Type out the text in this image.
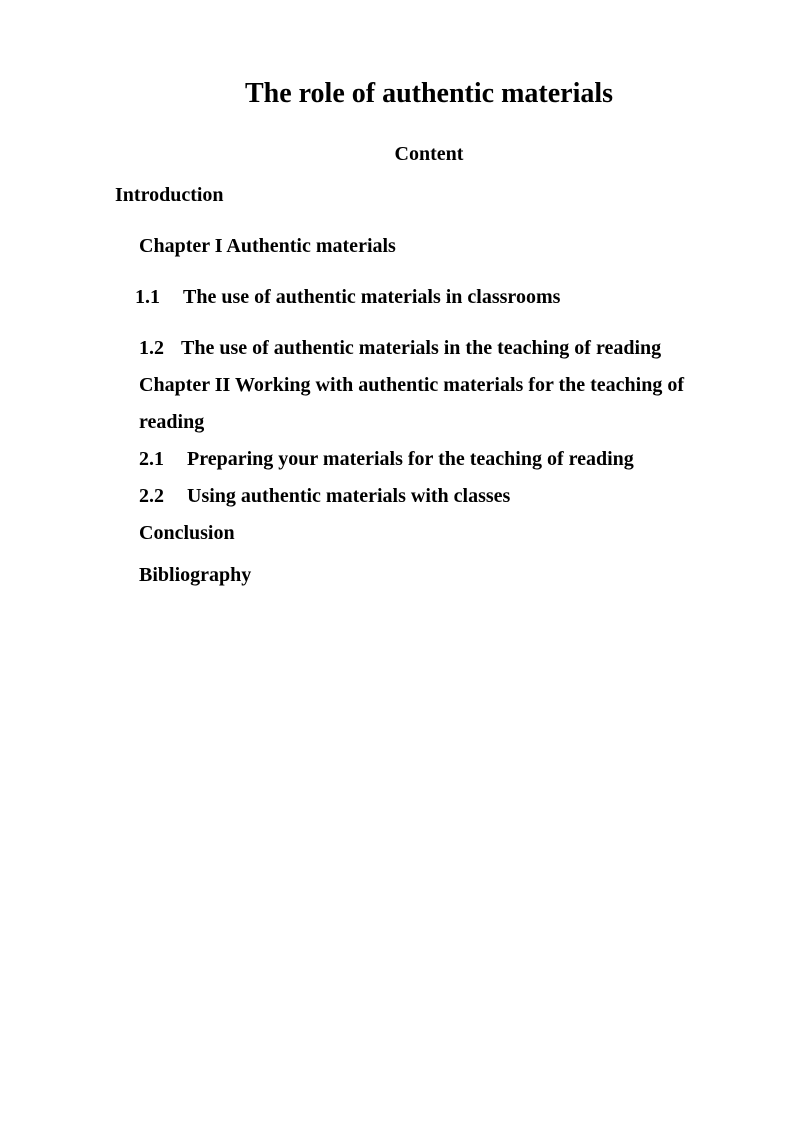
The role of authentic materials
Content
Introduction
Chapter I Authentic materials
1.1 The use of authentic materials in classrooms
1.2 The use of authentic materials in the teaching of reading
Chapter II Working with authentic materials for the teaching of
reading
2.1 Preparing your materials for the teaching of reading
2.2 Using authentic materials with classes
Conclusion
Bibliography
